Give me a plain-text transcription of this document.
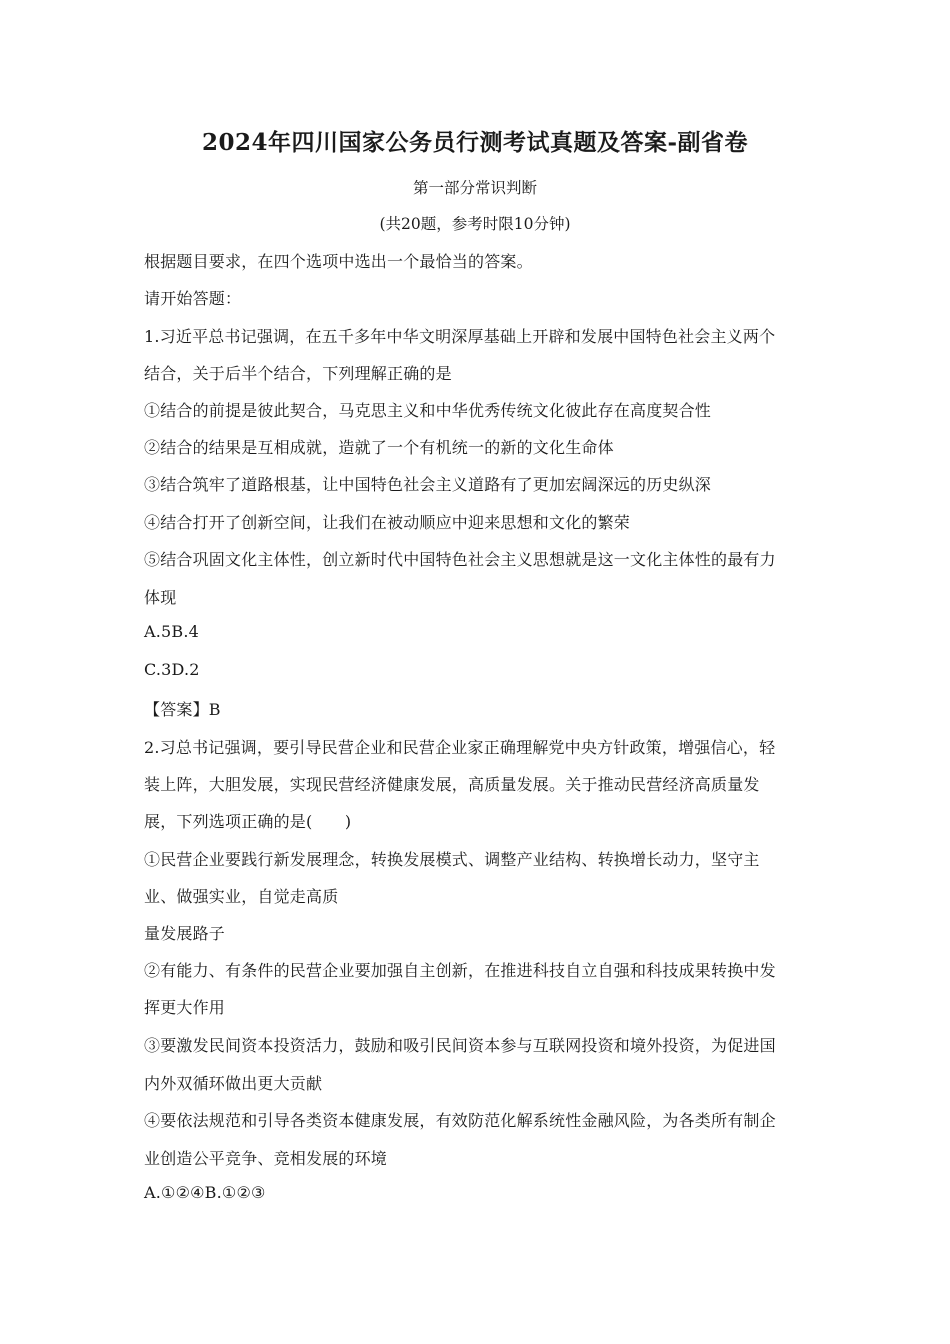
2024年四川国家公务员行测考试真题及答案-副省卷
第一部分常识判断
(共20题，参考时限10分钟)
根据题目要求，在四个选项中选出一个最恰当的答案。
请开始答题：
1.习近平总书记强调，在五千多年中华文明深厚基础上开辟和发展中国特色社会主义两个
结合，关于后半个结合，下列理解正确的是
①结合的前提是彼此契合，马克思主义和中华优秀传统文化彼此存在高度契合性
②结合的结果是互相成就，造就了一个有机统一的新的文化生命体
③结合筑牢了道路根基，让中国特色社会主义道路有了更加宏阔深远的历史纵深
④结合打开了创新空间，让我们在被动顺应中迎来思想和文化的繁荣
⑤结合巩固文化主体性，创立新时代中国特色社会主义思想就是这一文化主体性的最有力
体现
A.5B.4
C.3D.2
【答案】B
2.习总书记强调，要引导民营企业和民营企业家正确理解党中央方针政策，增强信心，轻
装上阵，大胆发展，实现民营经济健康发展，高质量发展。关于推动民营经济高质量发
展，下列选项正确的是(　　)
①民营企业要践行新发展理念，转换发展模式、调整产业结构、转换增长动力，坚守主
业、做强实业，自觉走高质
量发展路子
②有能力、有条件的民营企业要加强自主创新，在推进科技自立自强和科技成果转换中发
挥更大作用
③要激发民间资本投资活力，鼓励和吸引民间资本参与互联网投资和境外投资，为促进国
内外双循环做出更大贡献
④要依法规范和引导各类资本健康发展，有效防范化解系统性金融风险，为各类所有制企
业创造公平竞争、竞相发展的环境
A.①②④B.①②③
